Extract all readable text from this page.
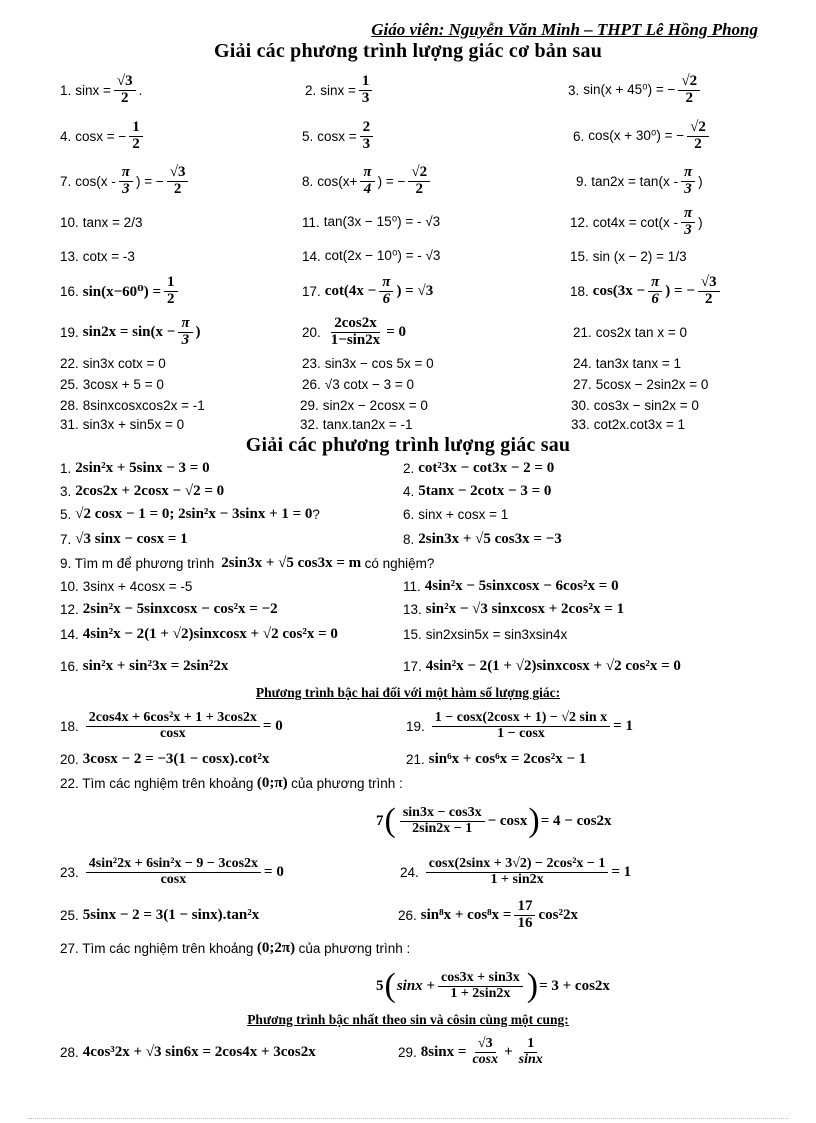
Giáo viên: Nguyễn Văn Minh – THPT Lê Hồng Phong
Giải các phương trình lượng giác cơ bản sau
1. $\sin x = \frac{√3}{2}$ .	2. $\sin x = \frac{1}{3}$	3. sin(x + 45⁰) = − $\frac{√2}{2}$
4. cosx = − $\frac{1}{2}$	5. $\cos x = \frac{2}{3}$	6. cos(x + 30⁰) = − $\frac{√2}{2}$
7. $\cos(x - \frac{\pi}{3}$ ) = − $\frac{√3}{2}$	8. $\cos(x+ \frac{\pi}{4}$ ) = − $\frac{√2}{2}$	9. $\tan 2x = \tan(x - \frac{\pi}{3}$ )
10. tanx = 2/3	11. tan(3x − 15⁰) = - √3	12. $\cot 4x = \cot(x - \frac{\pi}{3}$ )
13. cotx = -3	14. cot(2x − 10⁰) = - √3	15. sin (x − 2) = 1/3
16. $\sin(x-60^0) = \frac{1}{2}$	17. $\cot(4x - \frac{\pi}{6}$ ) = √3	18. $\cos(3x - \frac{\pi}{6}$ ) = − $\frac{√3}{2}$
19. $\sin 2x = \sin(x - \frac{\pi}{3}$ )	20. $\frac{2\cos 2x}{1-\sin 2x} = 0$	21. cos2x tan x = 0
22. sin3x cotx = 0	23. sin3x − cos 5x = 0	24. tan3x tanx = 1
25. 3cosx + 5 = 0	26. √3 cotx − 3 = 0	27. 5cosx − 2sin2x = 0
28. 8sinxcosxcos2x = -1	29. sin2x − 2cosx = 0	30. cos3x − sin2x = 0
31. sin3x + sin5x = 0	32. tanx.tan2x = -1	33. cot2x.cot3x = 1
Giải các phương trình lượng giác sau
1. 2sin²x + 5sinx − 3 = 0	2. cot²3x − cot3x − 2 = 0
3. 2cos2x + 2cosx − √2 = 0	4. 5tanx − 2cotx − 3 = 0
5. √2 cosx − 1 = 0; 2sin²x − 3sinx + 1 = 0 ?	6. sinx + cosx = 1
7. √3 sinx − cosx = 1	8. 2sin3x + √5 cos3x = −3
9. Tìm m để phương trình
2sin3x + √5 cos3x = m
có nghiệm?
10. 3sinx + 4cosx = -5	11. 4sin²x − 5sinxcosx − 6cos²x = 0
12. 2sin²x − 5sinxcosx − cos²x = −2	13. sin²x − √3 sinxcosx + 2cos²x = 1
14. 4sin²x − 2 (1 + √2) sinxcosx + √2 cos²x = 0	15. sin2xsin5x = sin3xsin4x
16. sin²x + sin²3x = 2sin²2x	17. 4sin²x − 2 (1 + √2) sinxcosx + √2 cos²x = 0
Phương trình bậc hai đối với một hàm số lượng giác:
18. $\frac{\text{2cos4x + 6cos²x + 1 + 3cos2x}}{\cos x} = 0$	19. $\frac{\text{1 − cosx(2cosx + 1) − √2 sin x}}{1 - \cos x} = 1$
20. 3cosx − 2 = −3(1 − cosx).cot²x	21. sin⁶x + cos⁶x = 2cos²x − 1
22. Tìm các nghiệm trên khoảng
(0;π)
của phương trình :
7 ( $\frac{\sin 3x - \cos 3x}{2\sin 2x - 1} - \cos x$ ) = 4 − cos2x
23. $\frac{\text{4sin²2x + 6sin²x − 9 − 3cos2x}}{\cos x} = 0$	24. $\frac{\text{cosx(2sinx + 3√2) − 2cos²x − 1}}{1 + \sin 2x} = 1$
25. 5sinx − 2 = 3(1 − sinx).tan²x	26. $\sin^8x + \cos^8x = \frac{17}{16} \cos^22x$
27. Tìm các nghiệm trên khoảng
(0;2π)
của phương trình :
5 ( $\sin x + \frac{\cos 3x + \sin 3x}{1 + 2\sin 2x}$ ) = 3 + cos2x
Phương trình bậc nhất theo sin và côsin cùng một cung:
28. 4cos³2x + √3 sin6x = 2cos4x + 3cos2x	29. $8\sin x = \frac{√3}{\cos x} + \frac{1}{\sin x}$
